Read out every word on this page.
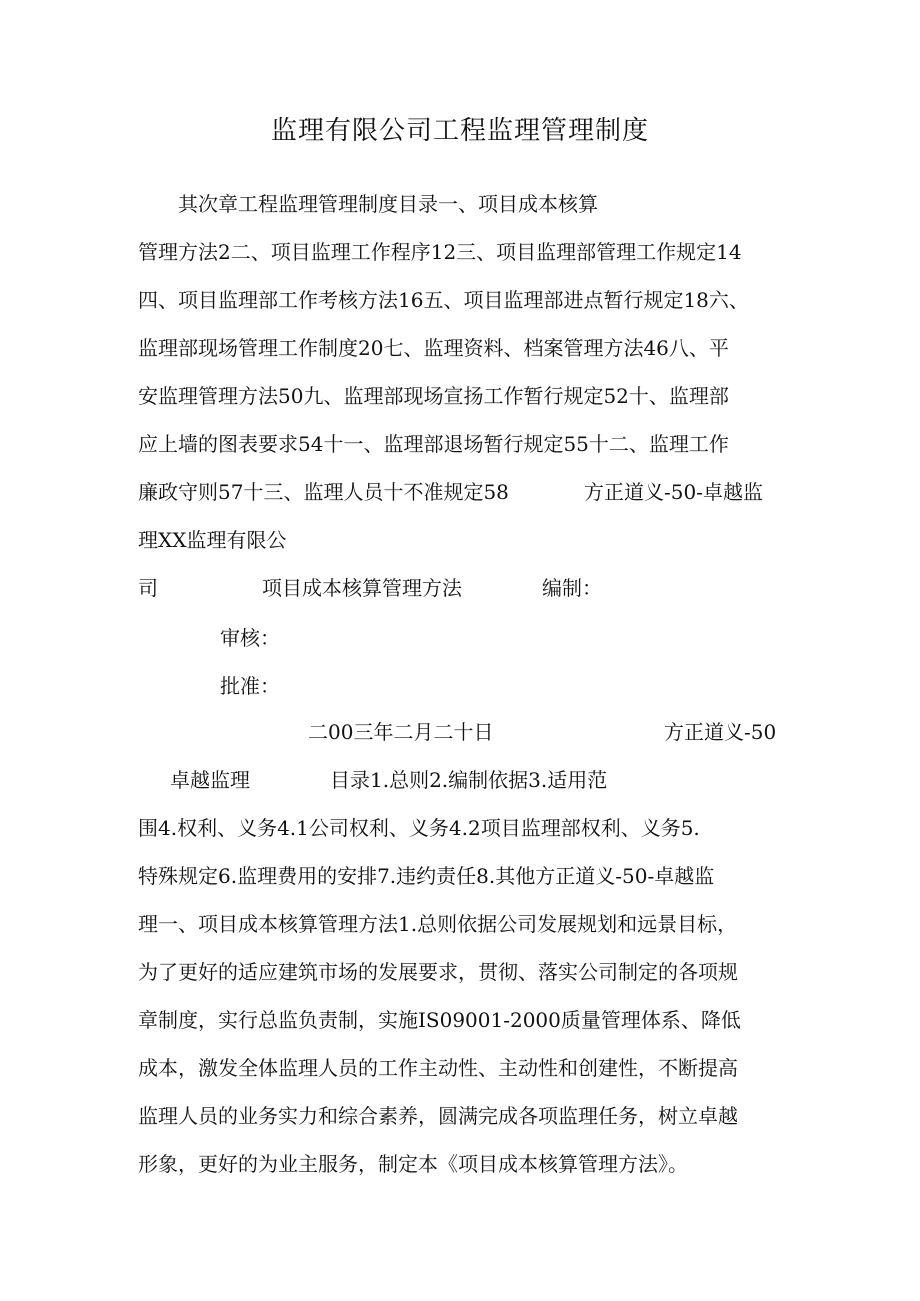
监理有限公司工程监理管理制度
其次章工程监理管理制度目录一、项目成本核算
管理方法2二、项目监理工作程序12三、项目监理部管理工作规定14
四、项目监理部工作考核方法16五、项目监理部进点暂行规定18六、
监理部现场管理工作制度20七、监理资料、档案管理方法46八、平
安监理管理方法50九、监理部现场宣扬工作暂行规定52十、监理部
应上墙的图表要求54十一、监理部退场暂行规定55十二、监理工作
廉政守则57十三、监理人员十不准规定58	方正道义-50-卓越监
理XX监理有限公
司	项目成本核算管理方法	编制：
审核：
批准：
二00三年二月二十日	方正道义-50
卓越监理	目录1.总则2.编制依据3.适用范
围4.权利、义务4.1公司权利、义务4.2项目监理部权利、义务5.
特殊规定6.监理费用的安排7.违约责任8.其他方正道义-50-卓越监
理一、项目成本核算管理方法1.总则依据公司发展规划和远景目标，
为了更好的适应建筑市场的发展要求，贯彻、落实公司制定的各项规
章制度，实行总监负责制，实施IS09001-2000质量管理体系、降低
成本，激发全体监理人员的工作主动性、主动性和创建性，不断提高
监理人员的业务实力和综合素养，圆满完成各项监理任务，树立卓越
形象，更好的为业主服务，制定本《项目成本核算管理方法》。
